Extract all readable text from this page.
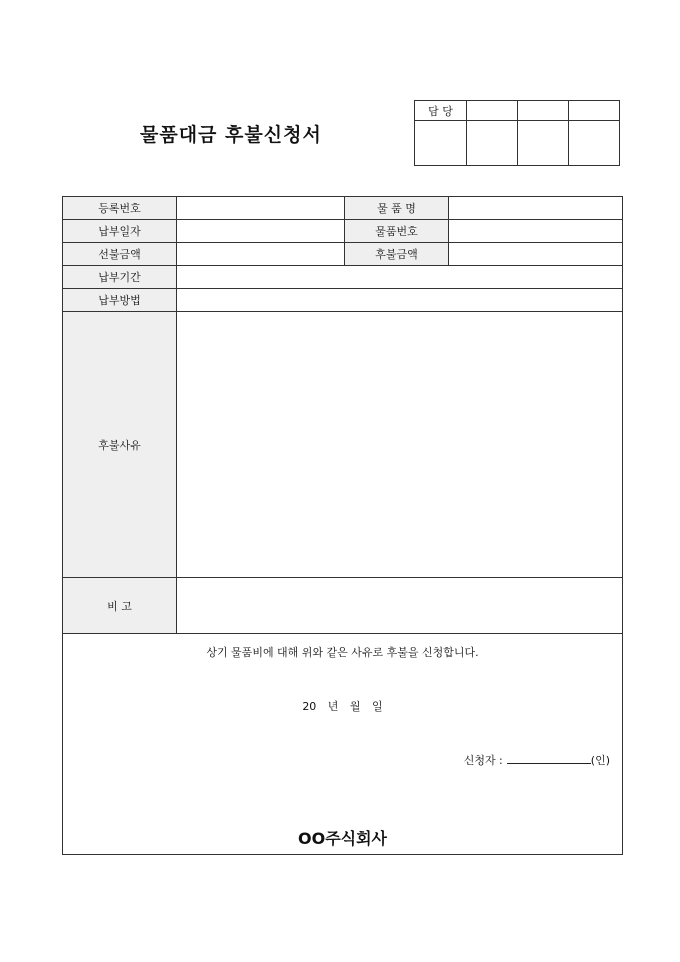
물품대금 후불신청서
담 당			

등록번호		물 품 명	
납부일자		물품번호	
선불금액		후불금액	
납부기간			
납부방법			
후불사유			
비 고			

상기 물품비에 대해 위와 같은 사유로 후불을 신청합니다.
20 년 월 일
신청자 : (인)
OO주식회사			
